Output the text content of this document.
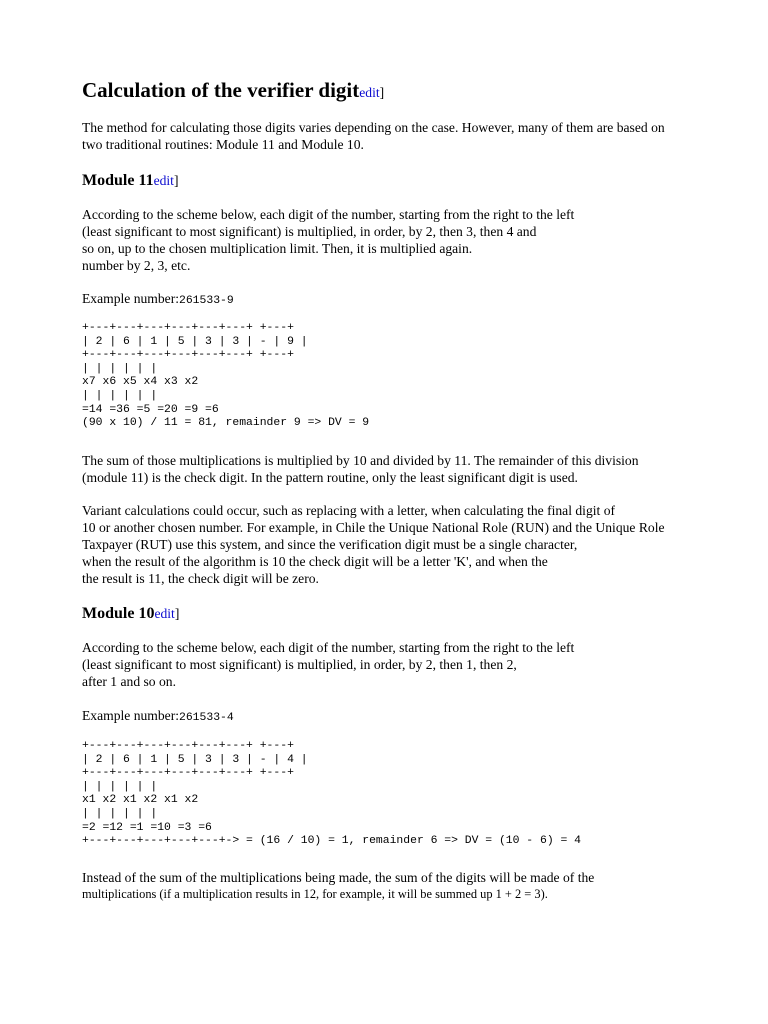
Calculation of the verifier digitedit]
The method for calculating those digits varies depending on the case. However, many of them are based on
two traditional routines: Module 11 and Module 10.
Module 11edit]
According to the scheme below, each digit of the number, starting from the right to the left
(least significant to most significant) is multiplied, in order, by 2, then 3, then 4 and
so on, up to the chosen multiplication limit. Then, it is multiplied again.
number by 2, 3, etc.
Example number:261533-9
+---+---+---+---+---+---+ +---+
| 2 | 6 | 1 | 5 | 3 | 3 | - | 9 |
+---+---+---+---+---+---+ +---+
| | | | | |
x7 x6 x5 x4 x3 x2
| | | | | |
=14 =36 =5 =20 =9 =6
(90 x 10) / 11 = 81, remainder 9 => DV = 9
The sum of those multiplications is multiplied by 10 and divided by 11. The remainder of this division
(module 11) is the check digit. In the pattern routine, only the least significant digit is used.
Variant calculations could occur, such as replacing with a letter, when calculating the final digit of
10 or another chosen number. For example, in Chile the Unique National Role (RUN) and the Unique Role
Taxpayer (RUT) use this system, and since the verification digit must be a single character,
when the result of the algorithm is 10 the check digit will be a letter 'K', and when the
the result is 11, the check digit will be zero.
Module 10edit]
According to the scheme below, each digit of the number, starting from the right to the left
(least significant to most significant) is multiplied, in order, by 2, then 1, then 2,
after 1 and so on.
Example number:261533-4
+---+---+---+---+---+---+ +---+
| 2 | 6 | 1 | 5 | 3 | 3 | - | 4 |
+---+---+---+---+---+---+ +---+
| | | | | |
x1 x2 x1 x2 x1 x2
| | | | | |
=2 =12 =1 =10 =3 =6
+---+---+---+---+---+-> = (16 / 10) = 1, remainder 6 => DV = (10 - 6) = 4
Instead of the sum of the multiplications being made, the sum of the digits will be made of the
multiplications (if a multiplication results in 12, for example, it will be summed up 1 + 2 = 3).
